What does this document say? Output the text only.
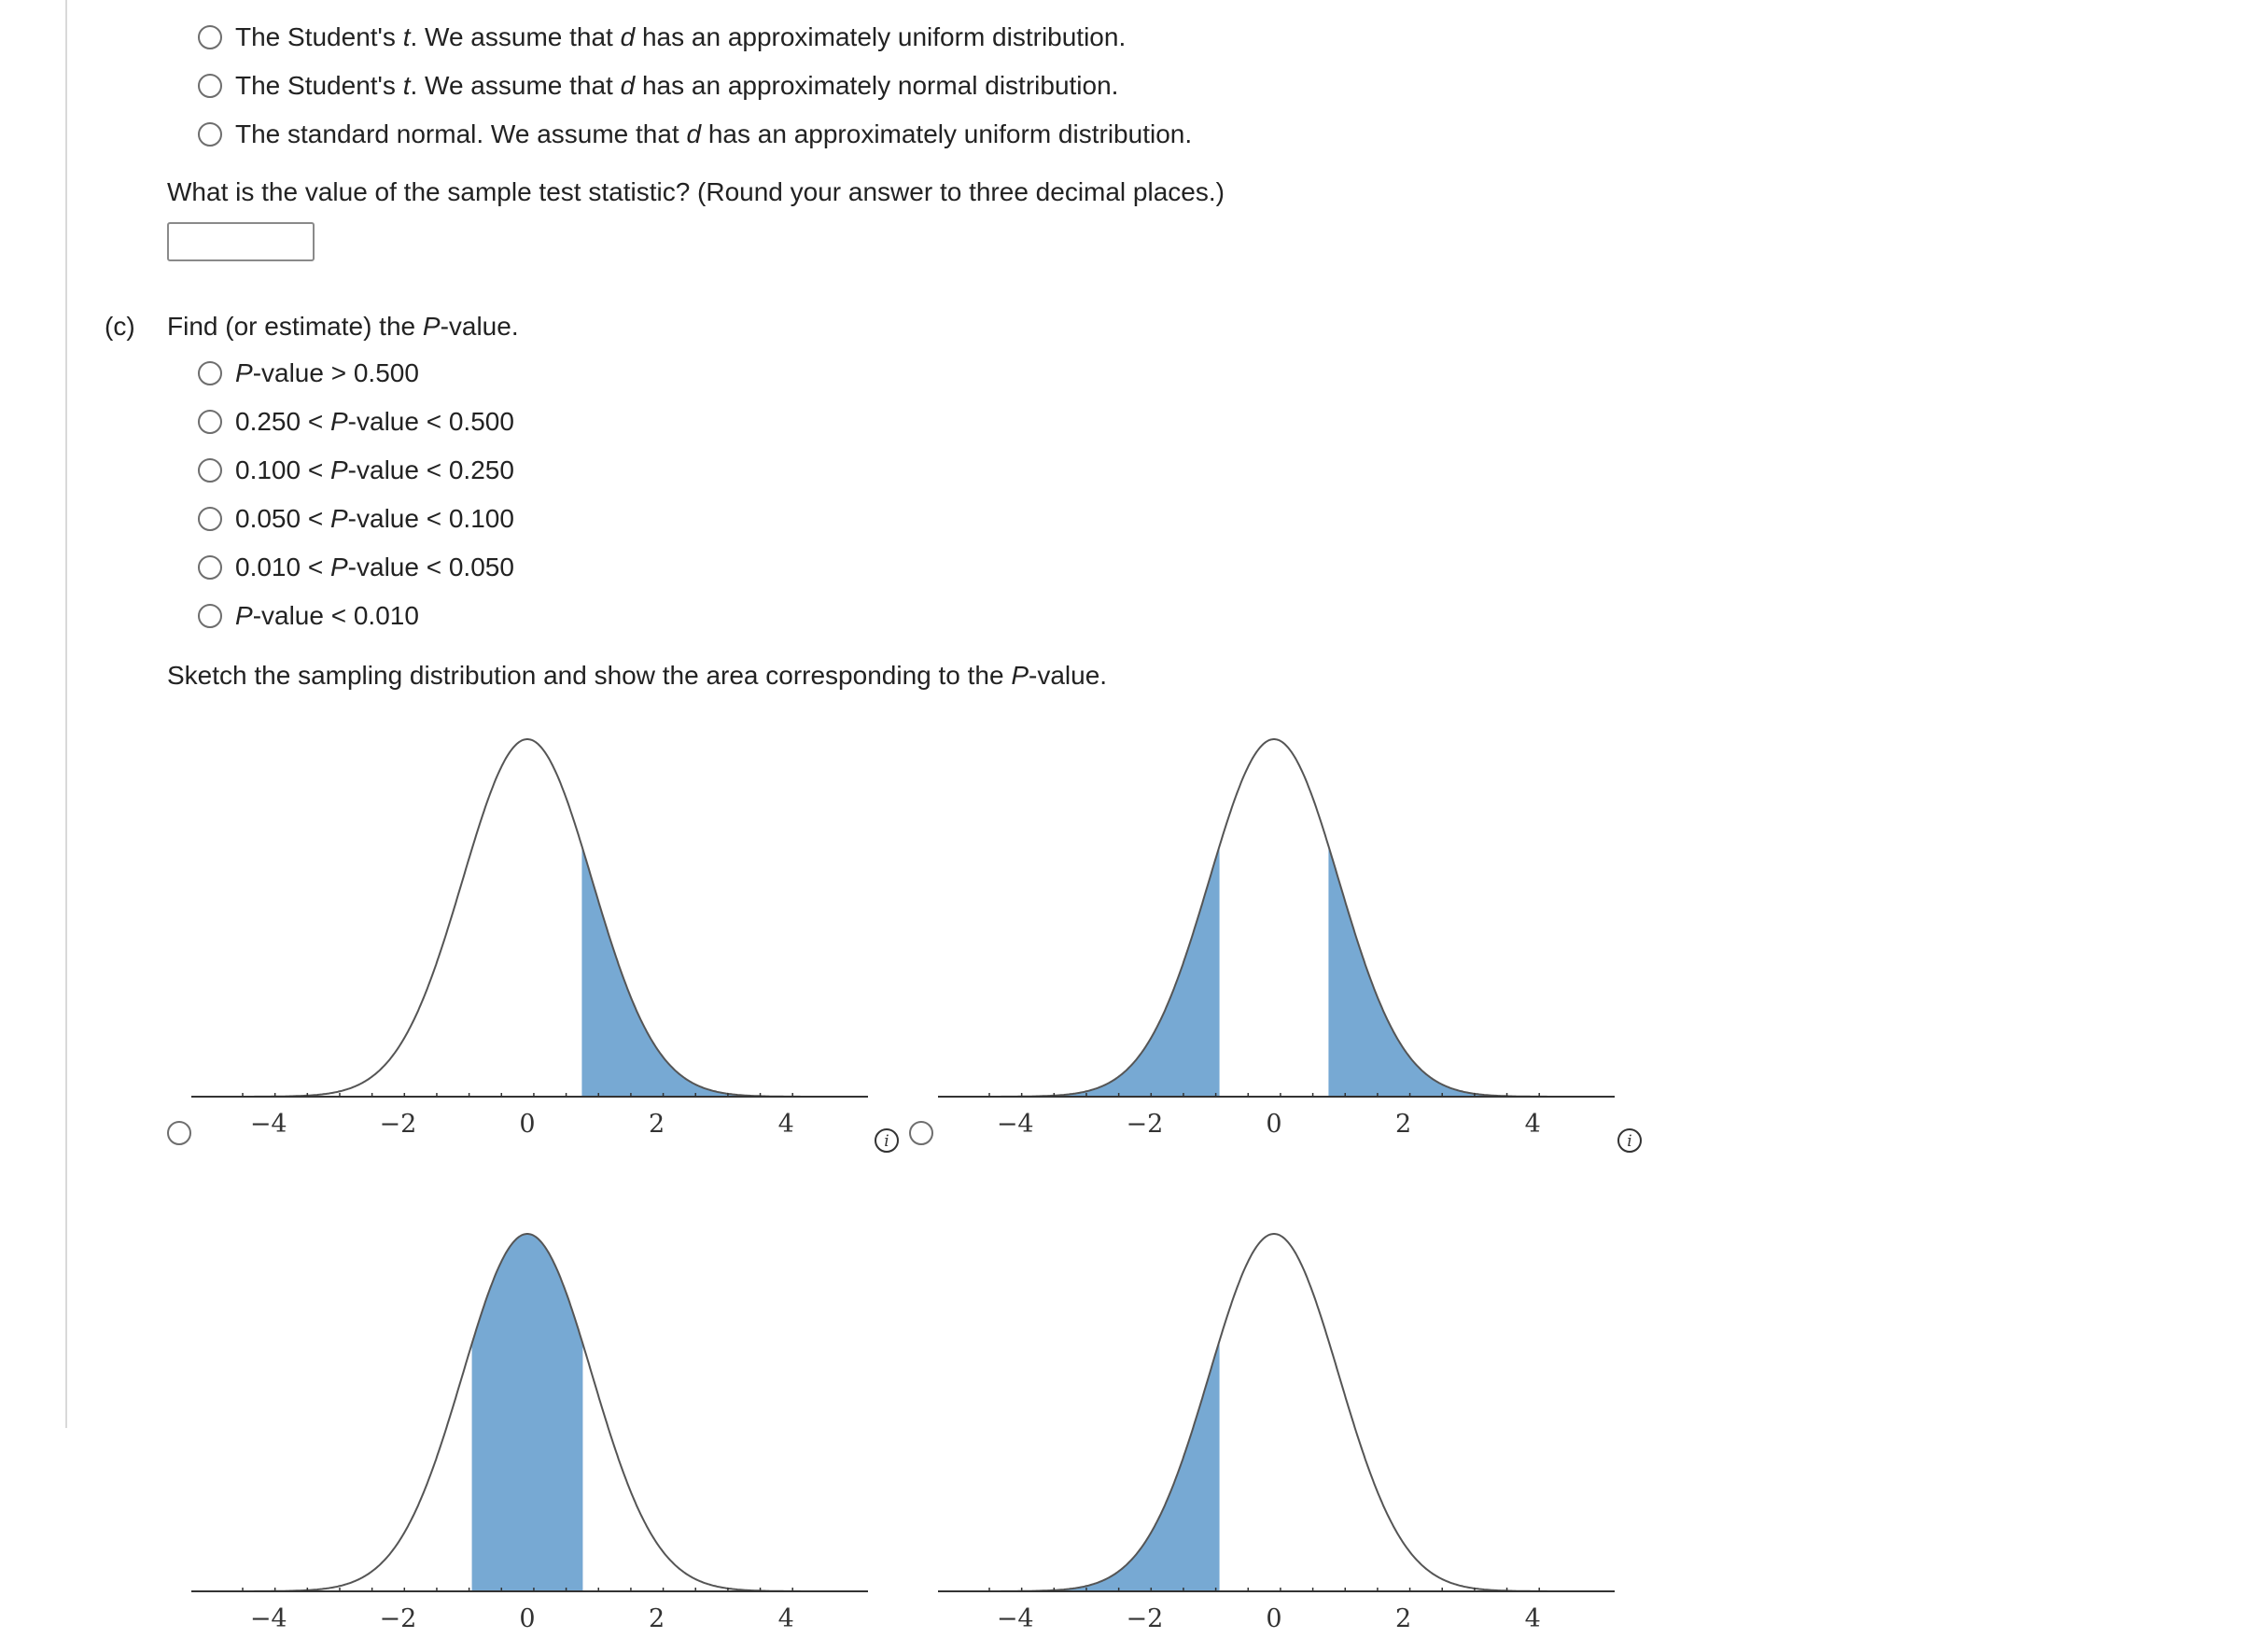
The Student's t. We assume that d has an approximately uniform distribution.
The Student's t. We assume that d has an approximately normal distribution.
The standard normal. We assume that d has an approximately uniform distribution.
What is the value of the sample test statistic? (Round your answer to three decimal places.)
(c) Find (or estimate) the P-value.
P-value > 0.500
0.250 < P-value < 0.500
0.100 < P-value < 0.250
0.050 < P-value < 0.100
0.010 < P-value < 0.050
P-value < 0.010
Sketch the sampling distribution and show the area corresponding to the P-value.
−4	−2	0	2	4
i
−4	−2	0	2	4
i
−4	−2	0	2	4	−4	−2	0	2	4
